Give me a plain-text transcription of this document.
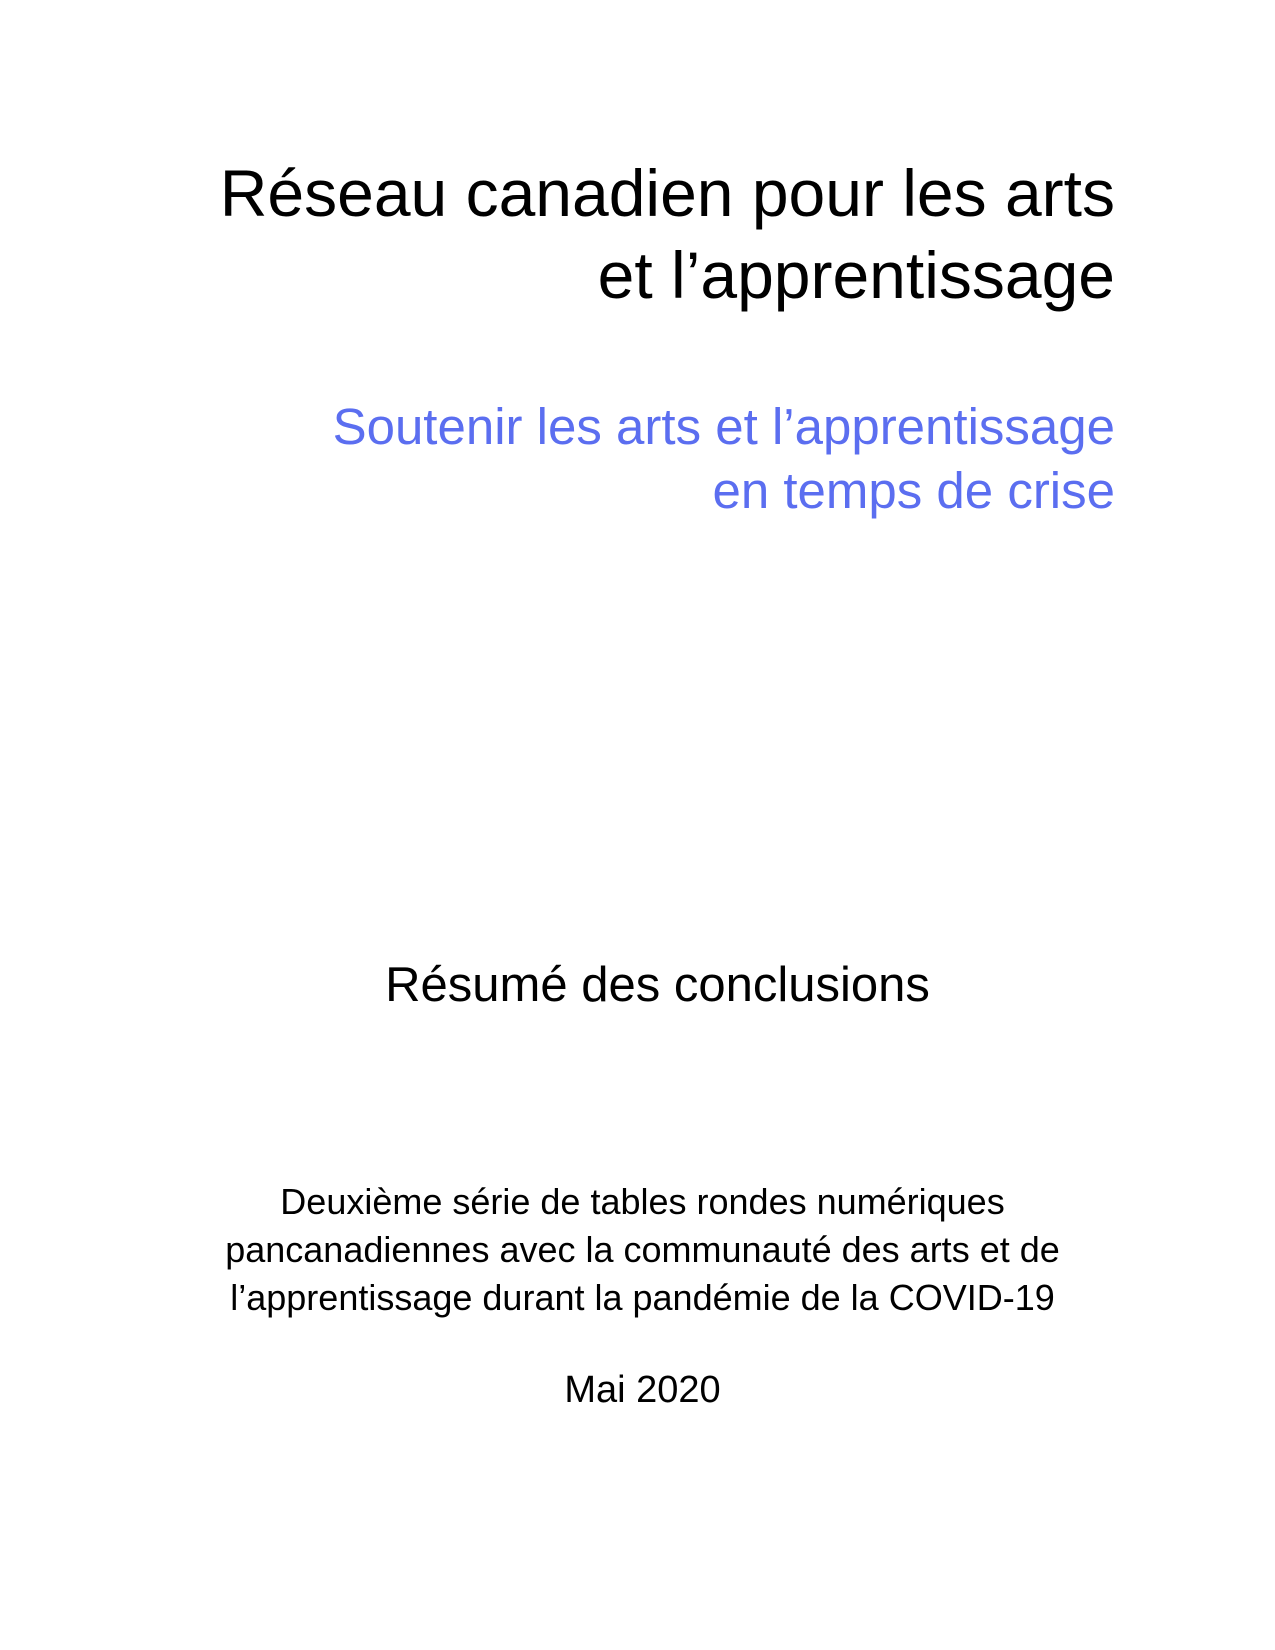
Réseau canadien pour les arts
et l’apprentissage
Soutenir les arts et l’apprentissage
en temps de crise
Résumé des conclusions
Deuxième série de tables rondes numériques
pancanadiennes avec la communauté des arts et de
l’apprentissage durant la pandémie de la COVID-19
Mai 2020
